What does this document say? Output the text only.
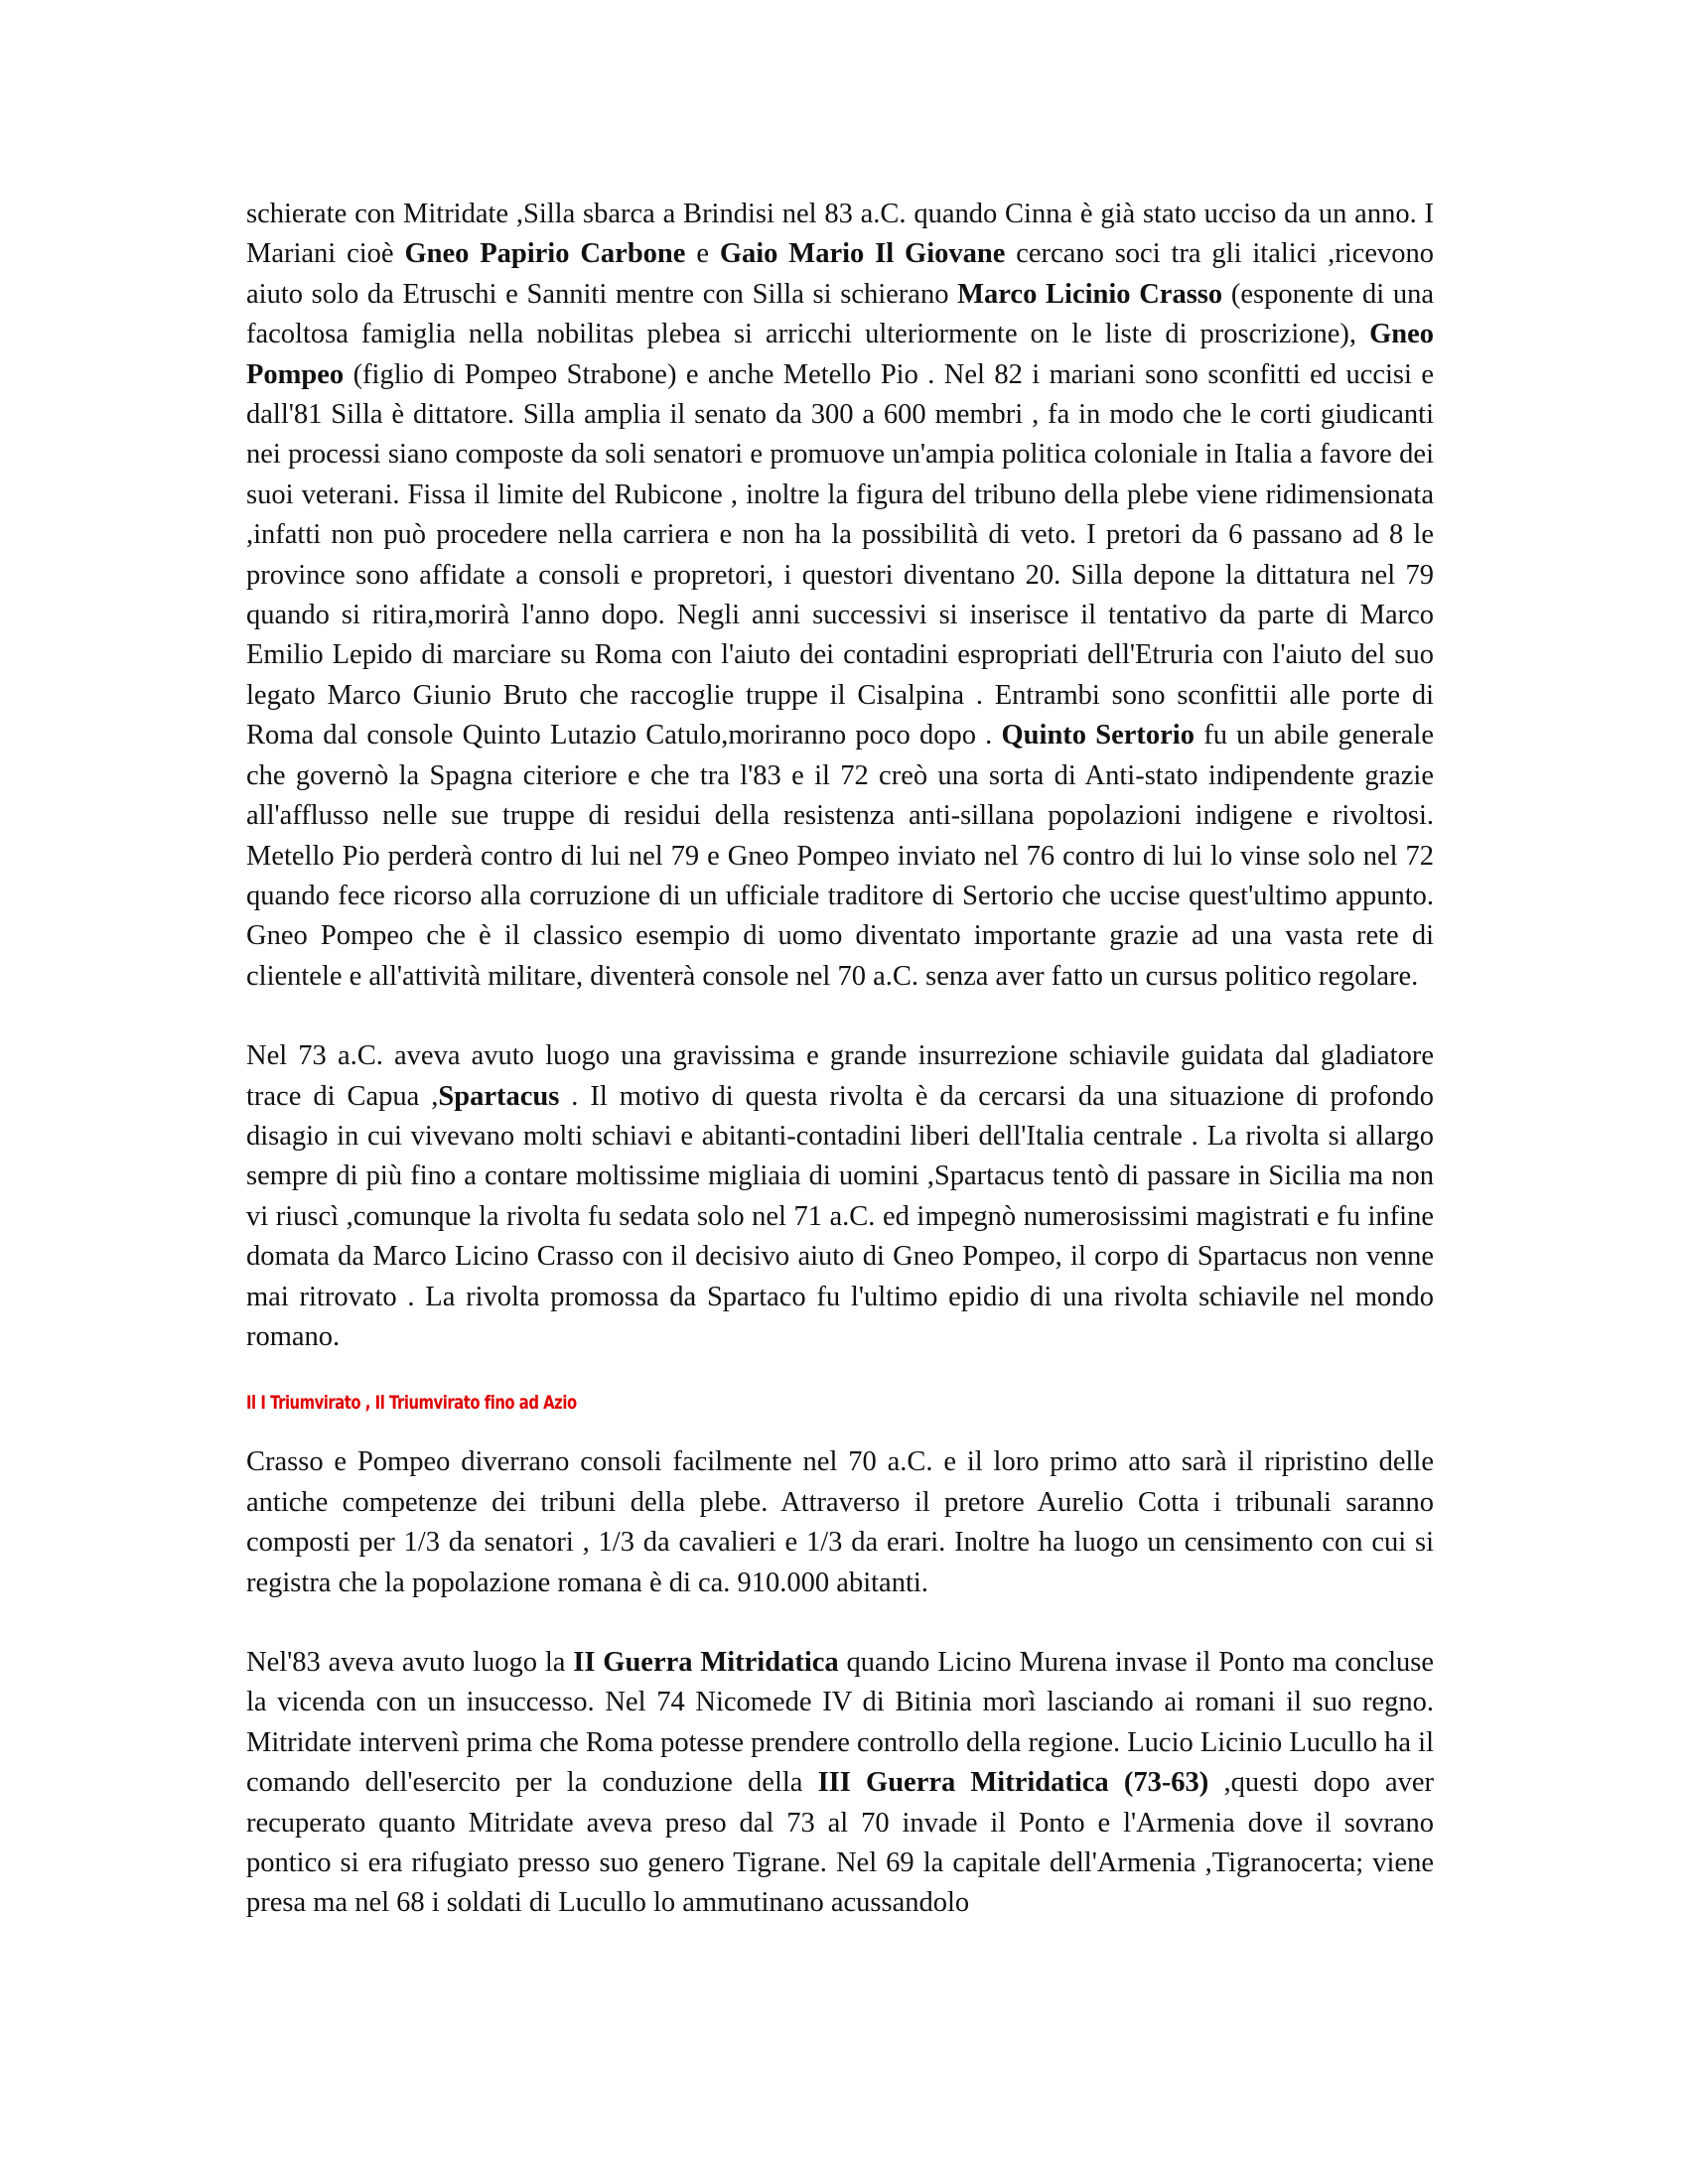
schierate con Mitridate ,Silla sbarca a Brindisi nel 83 a.C. quando Cinna è già stato ucciso da un anno. I Mariani cioè Gneo Papirio Carbone e Gaio Mario Il Giovane cercano soci tra gli italici ,ricevono aiuto solo da Etruschi e Sanniti mentre con Silla si schierano Marco Licinio Crasso (esponente di una facoltosa famiglia nella nobilitas plebea si arricchi ulteriormente on le liste di proscrizione), Gneo Pompeo (figlio di Pompeo Strabone) e anche Metello Pio . Nel 82 i mariani sono sconfitti ed uccisi e dall'81 Silla è dittatore. Silla amplia il senato da 300 a 600 membri , fa in modo che le corti giudicanti nei processi siano composte da soli senatori e promuove un'ampia politica coloniale in Italia a favore dei suoi veterani. Fissa il limite del Rubicone , inoltre la figura del tribuno della plebe viene ridimensionata ,infatti non può procedere nella carriera e non ha la possibilità di veto. I pretori da 6 passano ad 8 le province sono affidate a consoli e propretori, i questori diventano 20. Silla depone la dittatura nel 79 quando si ritira,morirà l'anno dopo. Negli anni successivi si inserisce il tentativo da parte di Marco Emilio Lepido di marciare su Roma con l'aiuto dei contadini espropriati dell'Etruria con l'aiuto del suo legato Marco Giunio Bruto che raccoglie truppe il Cisalpina . Entrambi sono sconfittii alle porte di Roma dal console Quinto Lutazio Catulo,moriranno poco dopo . Quinto Sertorio fu un abile generale che governò la Spagna citeriore e che tra l'83 e il 72 creò una sorta di Anti-stato indipendente grazie all'afflusso nelle sue truppe di residui della resistenza anti-sillana popolazioni indigene e rivoltosi. Metello Pio perderà contro di lui nel 79 e Gneo Pompeo inviato nel 76 contro di lui lo vinse solo nel 72 quando fece ricorso alla corruzione di un ufficiale traditore di Sertorio che uccise quest'ultimo appunto. Gneo Pompeo che è il classico esempio di uomo diventato importante grazie ad una vasta rete di clientele e all'attività militare, diventerà console nel 70 a.C. senza aver fatto un cursus politico regolare.

Nel 73 a.C. aveva avuto luogo una gravissima e grande insurrezione schiavile guidata dal gladiatore trace di Capua ,Spartacus . Il motivo di questa rivolta è da cercarsi da una situazione di profondo disagio in cui vivevano molti schiavi e abitanti-contadini liberi dell'Italia centrale . La rivolta si allargo sempre di più fino a contare moltissime migliaia di uomini ,Spartacus tentò di passare in Sicilia ma non vi riuscì ,comunque la rivolta fu sedata solo nel 71 a.C. ed impegnò numerosissimi magistrati e fu infine domata da Marco Licino Crasso con il decisivo aiuto di Gneo Pompeo, il corpo di Spartacus non venne mai ritrovato . La rivolta promossa da Spartaco fu l'ultimo epidio di una rivolta schiavile nel mondo romano.

Il I Triumvirato , Il Triumvirato fino ad Azio

Crasso e Pompeo diverrano consoli facilmente nel 70 a.C. e il loro primo atto sarà il ripristino delle antiche competenze dei tribuni della plebe. Attraverso il pretore Aurelio Cotta i tribunali saranno composti per 1/3 da senatori , 1/3 da cavalieri e 1/3 da erari. Inoltre ha luogo un censimento con cui si registra che la popolazione romana è di ca. 910.000 abitanti.

Nel'83 aveva avuto luogo la II Guerra Mitridatica quando Licino Murena invase il Ponto ma concluse la vicenda con un insuccesso. Nel 74 Nicomede IV di Bitinia morì lasciando ai romani il suo regno. Mitridate intervenì prima che Roma potesse prendere controllo della regione. Lucio Licinio Lucullo ha il comando dell'esercito per la conduzione della III Guerra Mitridatica (73-63) ,questi dopo aver recuperato quanto Mitridate aveva preso dal 73 al 70 invade il Ponto e l'Armenia dove il sovrano pontico si era rifugiato presso suo genero Tigrane. Nel 69 la capitale dell'Armenia ,Tigranocerta; viene presa ma nel 68 i soldati di Lucullo lo ammutinano acussandolo
